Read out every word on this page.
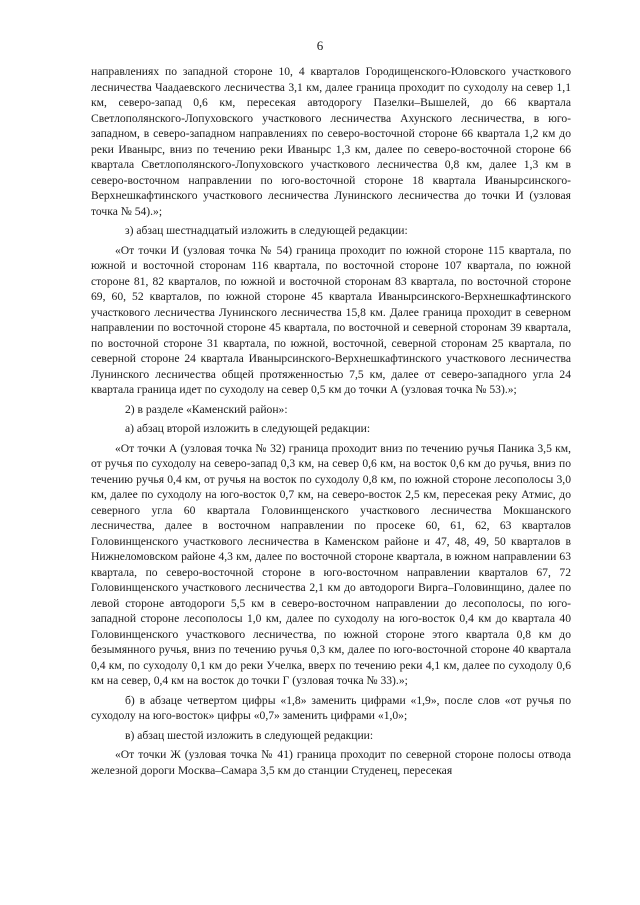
6

направлениях по западной стороне 10, 4 кварталов Городищенского-Юловского участкового лесничества Чаадаевского лесничества 3,1 км, далее граница проходит по суходолу на север 1,1 км, северо-запад 0,6 км, пересекая автодорогу Пазелки–Вышелей, до 66 квартала Светлополянского-Лопуховского участкового лесничества Ахунского лесничества, в юго-западном, в северо-западном направлениях по северо-восточной стороне 66 квартала 1,2 км до реки Иванырс, вниз по течению реки Иванырс 1,3 км, далее по северо-восточной стороне 66 квартала Светлополянского-Лопуховского участкового лесничества 0,8 км, далее 1,3 км в северо-восточном направлении по юго-восточной стороне 18 квартала Иванырсинского-Верхнешкафтинского участкового лесничества Лунинского лесничества до точки И (узловая точка № 54).»;

з) абзац шестнадцатый изложить в следующей редакции:

«От точки И (узловая точка № 54) граница проходит по южной стороне 115 квартала, по южной и восточной сторонам 116 квартала, по восточной стороне 107 квартала, по южной стороне 81, 82 кварталов, по южной и восточной сторонам 83 квартала, по восточной стороне 69, 60, 52 кварталов, по южной стороне 45 квартала Иванырсинского-Верхнешкафтинского участкового лесничества Лунинского лесничества 15,8 км. Далее граница проходит в северном направлении по восточной стороне 45 квартала, по восточной и северной сторонам 39 квартала, по восточной стороне 31 квартала, по южной, восточной, северной сторонам 25 квартала, по северной стороне 24 квартала Иванырсинского-Верхнешкафтинского участкового лесничества Лунинского лесничества общей протяженностью 7,5 км, далее от северо-западного угла 24 квартала граница идет по суходолу на север 0,5 км до точки А (узловая точка № 53).»;

2) в разделе «Каменский район»:

а) абзац второй изложить в следующей редакции:

«От точки А (узловая точка № 32) граница проходит вниз по течению ручья Паника 3,5 км, от ручья по суходолу на северо-запад 0,3 км, на север 0,6 км, на восток 0,6 км до ручья, вниз по течению ручья 0,4 км, от ручья на восток по суходолу 0,8 км, по южной стороне лесополосы 3,0 км, далее по суходолу на юго-восток 0,7 км, на северо-восток 2,5 км, пересекая реку Атмис, до северного угла 60 квартала Головинщенского участкового лесничества Мокшанского лесничества, далее в восточном направлении по просеке 60, 61, 62, 63 кварталов Головинщенского участкового лесничества в Каменском районе и 47, 48, 49, 50 кварталов в Нижнеломовском районе 4,3 км, далее по восточной стороне квартала, в южном направлении 63 квартала, по северо-восточной стороне в юго-восточном направлении кварталов 67, 72 Головинщенского участкового лесничества 2,1 км до автодороги Вирга–Головинщино, далее по левой стороне автодороги 5,5 км в северо-восточном направлении до лесополосы, по юго-западной стороне лесополосы 1,0 км, далее по суходолу на юго-восток 0,4 км до квартала 40 Головинщенского участкового лесничества, по южной стороне этого квартала 0,8 км до безымянного ручья, вниз по течению ручья 0,3 км, далее по юго-восточной стороне 40 квартала 0,4 км, по суходолу 0,1 км до реки Учелка, вверх по течению реки 4,1 км, далее по суходолу 0,6 км на север, 0,4 км на восток до точки Г (узловая точка № 33).»;

б) в абзаце четвертом цифры «1,8» заменить цифрами «1,9», после слов «от ручья по суходолу на юго-восток» цифры «0,7» заменить цифрами «1,0»;

в) абзац шестой изложить в следующей редакции:

«От точки Ж (узловая точка № 41) граница проходит по северной стороне полосы отвода железной дороги Москва–Самара 3,5 км до станции Студенец, пересекая
